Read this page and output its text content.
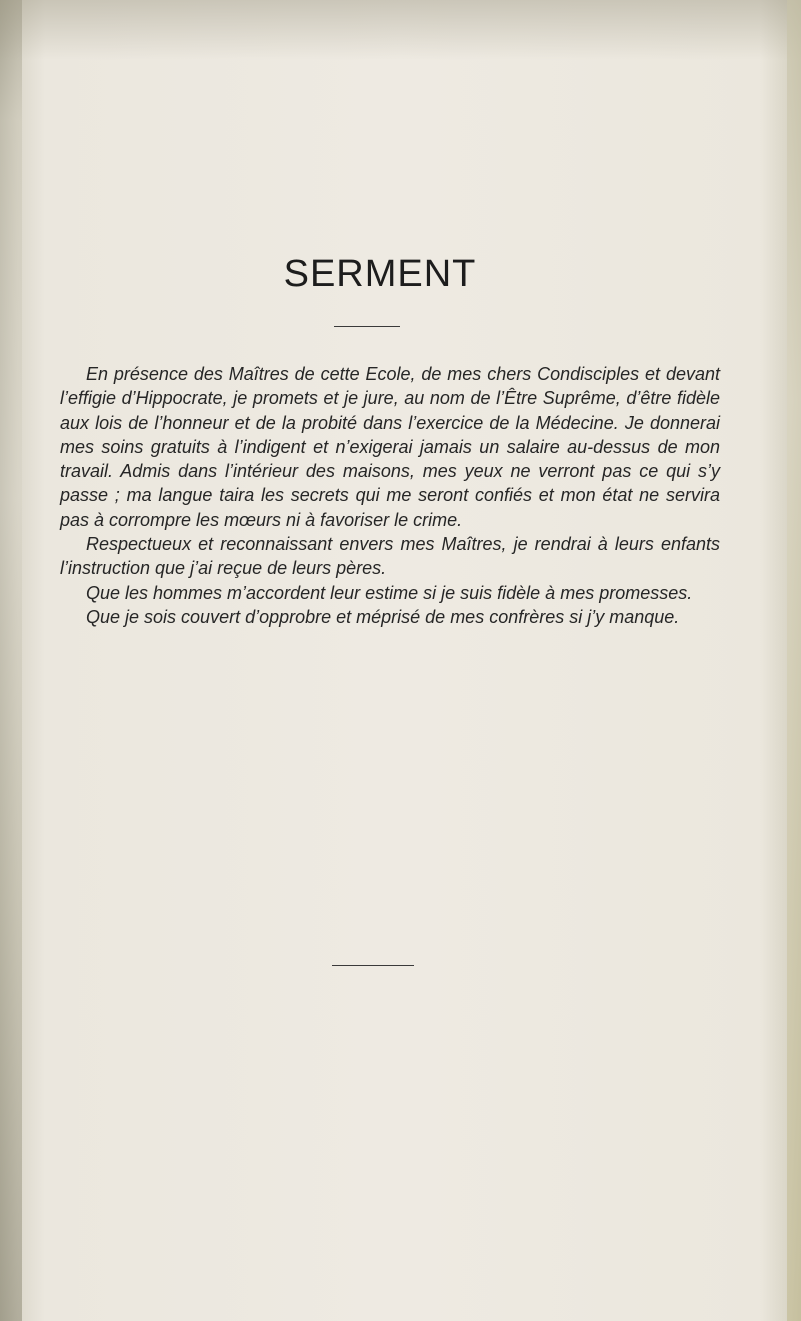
SERMENT

En présence des Maîtres de cette Ecole, de mes chers Condisciples et devant l’effigie d’Hippocrate, je promets et je jure, au nom de l’Être Suprême, d’être fidèle aux lois de l’honneur et de la probité dans l’exercice de la Médecine. Je donnerai mes soins gratuits à l’indigent et n’exigerai jamais un salaire au-dessus de mon travail. Admis dans l’intérieur des maisons, mes yeux ne verront pas ce qui s’y passe ; ma langue taira les secrets qui me seront confiés et mon état ne servira pas à corrompre les mœurs ni à favoriser le crime.

Respectueux et reconnaissant envers mes Maîtres, je rendrai à leurs enfants l’instruction que j’ai reçue de leurs pères.

Que les hommes m’accordent leur estime si je suis fidèle à mes promesses.

Que je sois couvert d’opprobre et méprisé de mes confrères si j’y manque.
